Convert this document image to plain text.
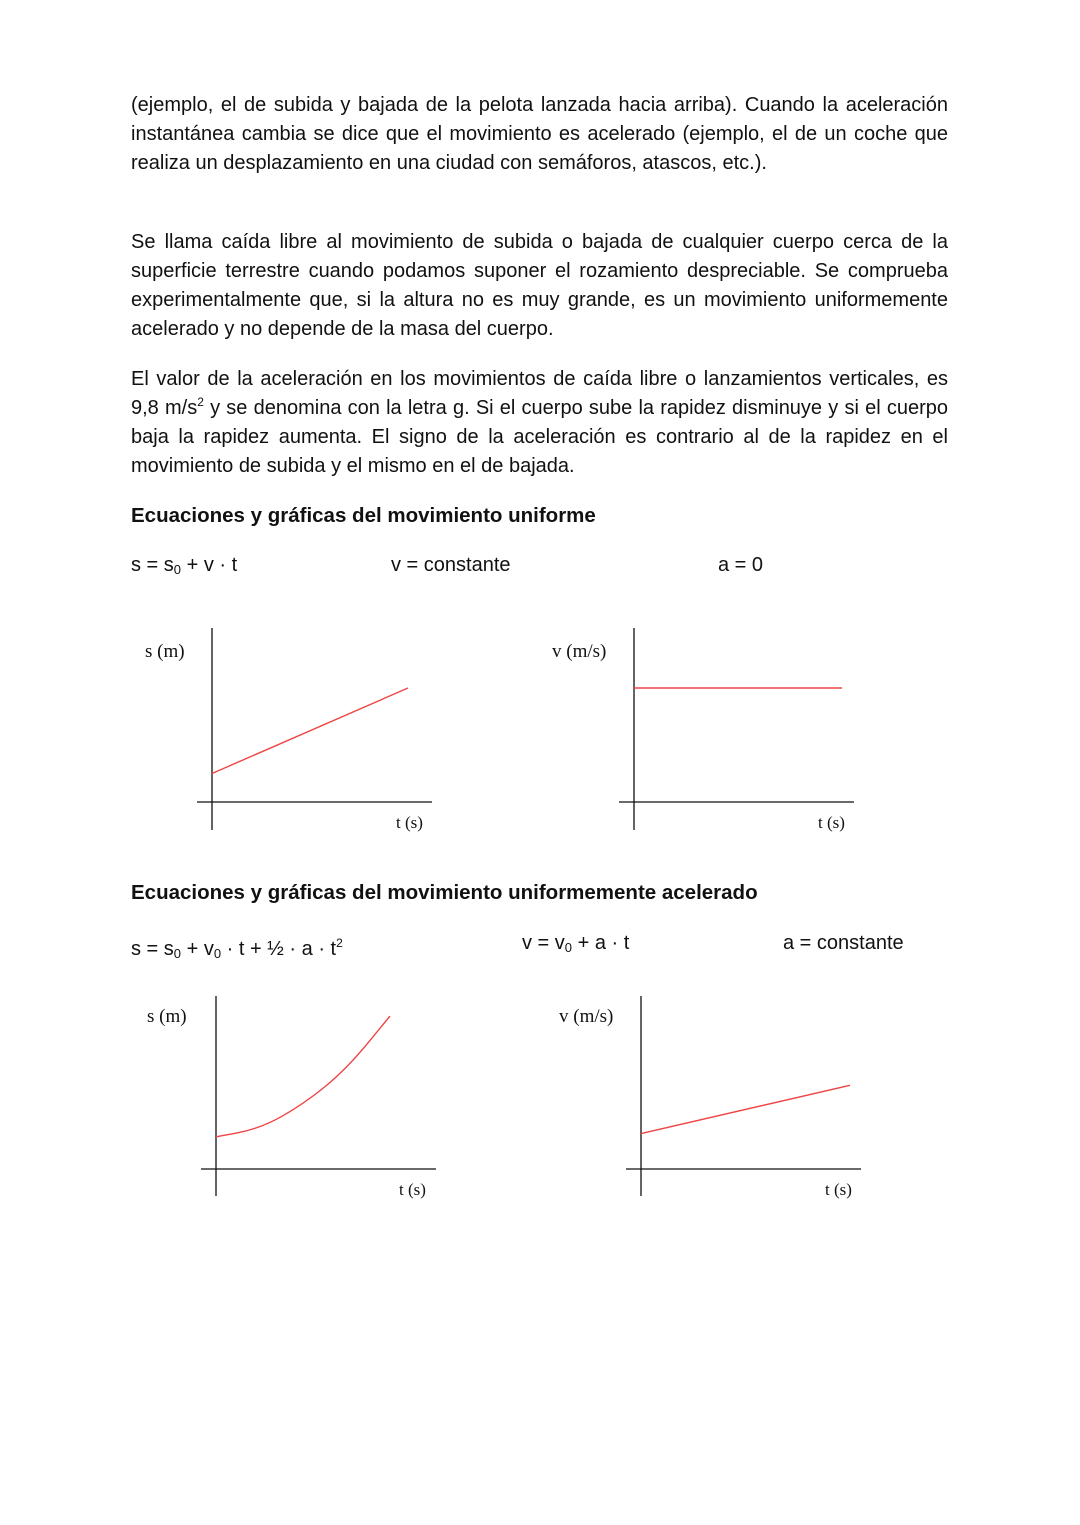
(ejemplo, el de subida y bajada de la pelota lanzada hacia arriba). Cuando la aceleración instantánea cambia se dice que el movimiento es acelerado (ejemplo, el de un coche que realiza un desplazamiento en una ciudad con semáforos, atascos, etc.).

Se llama caída libre al movimiento de subida o bajada de cualquier cuerpo cerca de la superficie terrestre cuando podamos suponer el rozamiento despreciable. Se comprueba experimentalmente que, si la altura no es muy grande, es un movimiento uniformemente acelerado y no depende de la masa del cuerpo.

El valor de la aceleración en los movimientos de caída libre o lanzamientos verticales, es 9,8 $m/s^2$ y se denomina con la letra g. Si el cuerpo sube la rapidez disminuye y si el cuerpo baja la rapidez aumenta. El signo de la aceleración es contrario al de la rapidez en el movimiento de subida y el mismo en el de bajada.

Ecuaciones y gráficas del movimiento uniforme
$s = s_0 + v \cdot t$	v = constante	a = 0
Ecuaciones y gráficas del movimiento uniformemente acelerado
$s = s_0 + v_0 \cdot t$ + ½ · $a \cdot t^2$	$v = v_0 + a \cdot t$	a = constante
s (m)
t (s)
v (m/s)
t (s)
s (m)
t (s)
v (m/s)
t (s)
